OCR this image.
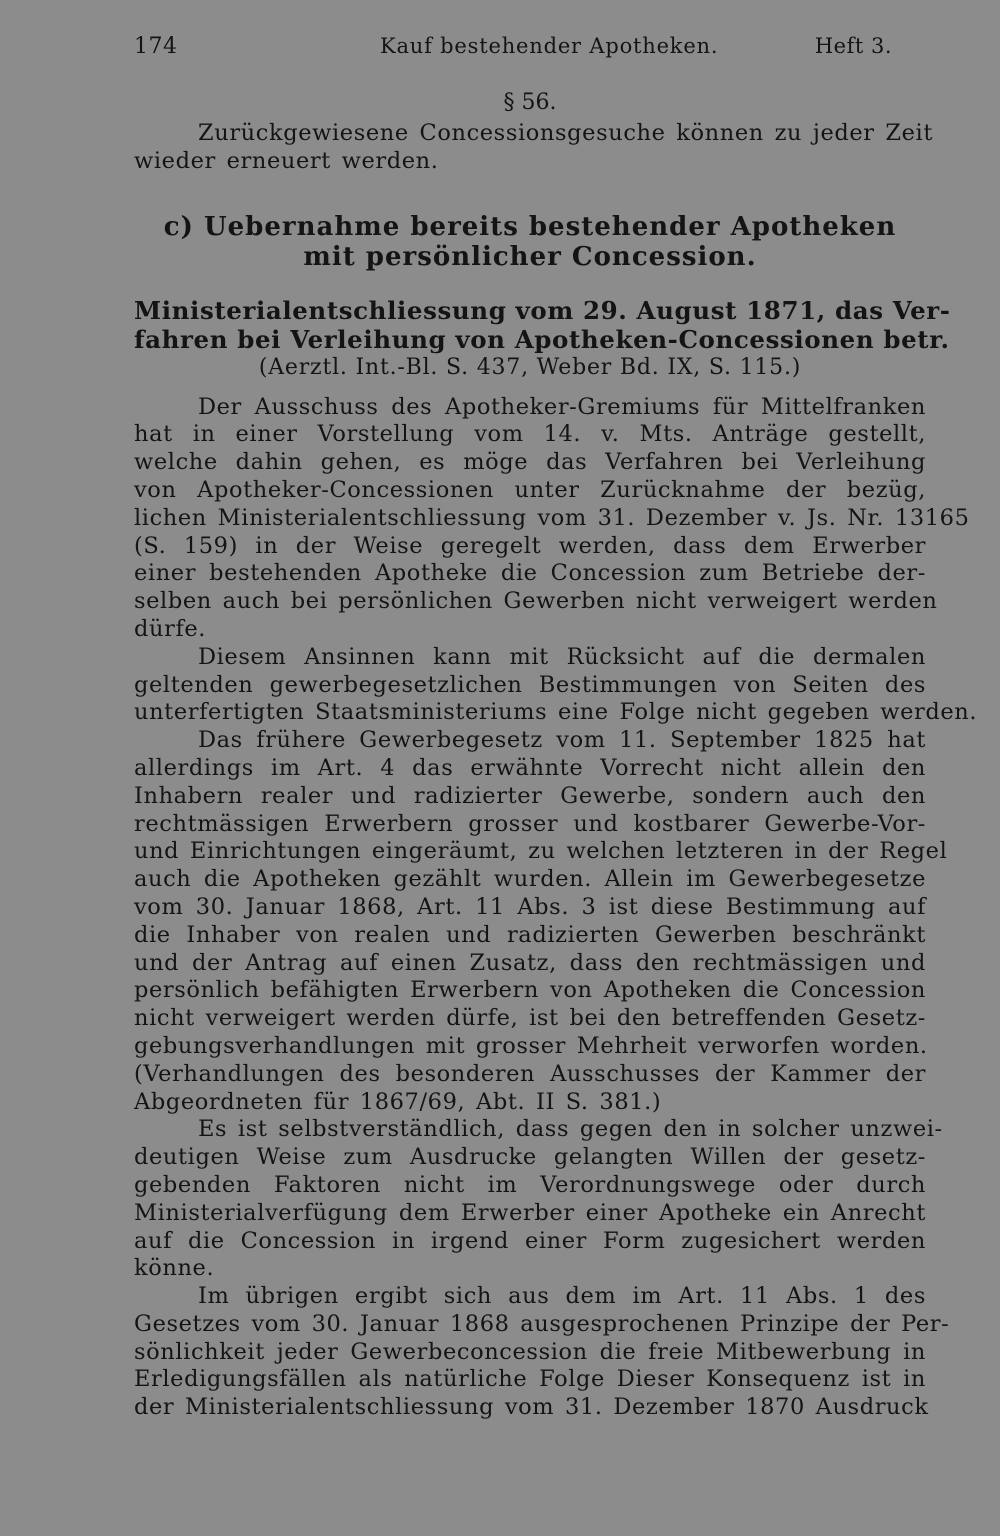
174	Kauf bestehender Apotheken.	Heft 3.
§ 56.

Zurückgewiesene Concessionsgesuche können zu jeder Zeit
wieder erneuert werden.

c) Uebernahme bereits bestehender Apotheken
mit persönlicher Concession.
Ministerialentschliessung vom 29. August 1871, das Ver-
fahren bei Verleihung von Apotheken-Concessionen betr.
(Aerztl. Int.-Bl. S. 437, Weber Bd. IX, S. 115.)

Der Ausschuss des Apotheker-Gremiums für Mittelfranken
hat in einer Vorstellung vom 14. v. Mts. Anträge gestellt,
welche dahin gehen, es möge das Verfahren bei Verleihung
von Apotheker-Concessionen unter Zurücknahme der bezüg,
lichen Ministerialentschliessung vom 31. Dezember v. Js. Nr. 13165
(S. 159) in der Weise geregelt werden, dass dem Erwerber
einer bestehenden Apotheke die Concession zum Betriebe der-
selben auch bei persönlichen Gewerben nicht verweigert werden
dürfe.

Diesem Ansinnen kann mit Rücksicht auf die dermalen
geltenden gewerbegesetzlichen Bestimmungen von Seiten des
unterfertigten Staatsministeriums eine Folge nicht gegeben werden.

Das frühere Gewerbegesetz vom 11. September 1825 hat
allerdings im Art. 4 das erwähnte Vorrecht nicht allein den
Inhabern realer und radizierter Gewerbe, sondern auch den
rechtmässigen Erwerbern grosser und kostbarer Gewerbe-Vor-
und Einrichtungen eingeräumt, zu welchen letzteren in der Regel
auch die Apotheken gezählt wurden. Allein im Gewerbegesetze
vom 30. Januar 1868, Art. 11 Abs. 3 ist diese Bestimmung auf
die Inhaber von realen und radizierten Gewerben beschränkt
und der Antrag auf einen Zusatz, dass den rechtmässigen und
persönlich befähigten Erwerbern von Apotheken die Concession
nicht verweigert werden dürfe, ist bei den betreffenden Gesetz-
gebungsverhandlungen mit grosser Mehrheit verworfen worden.
(Verhandlungen des besonderen Ausschusses der Kammer der
Abgeordneten für 1867/69, Abt. II S. 381.)

Es ist selbstverständlich, dass gegen den in solcher unzwei-
deutigen Weise zum Ausdrucke gelangten Willen der gesetz-
gebenden Faktoren nicht im Verordnungswege oder durch
Ministerialverfügung dem Erwerber einer Apotheke ein Anrecht
auf die Concession in irgend einer Form zugesichert werden
könne.

Im übrigen ergibt sich aus dem im Art. 11 Abs. 1 des
Gesetzes vom 30. Januar 1868 ausgesprochenen Prinzipe der Per-
sönlichkeit jeder Gewerbeconcession die freie Mitbewerbung in
Erledigungsfällen als natürliche Folge Dieser Konsequenz ist in
der Ministerialentschliessung vom 31. Dezember 1870 Ausdruck
